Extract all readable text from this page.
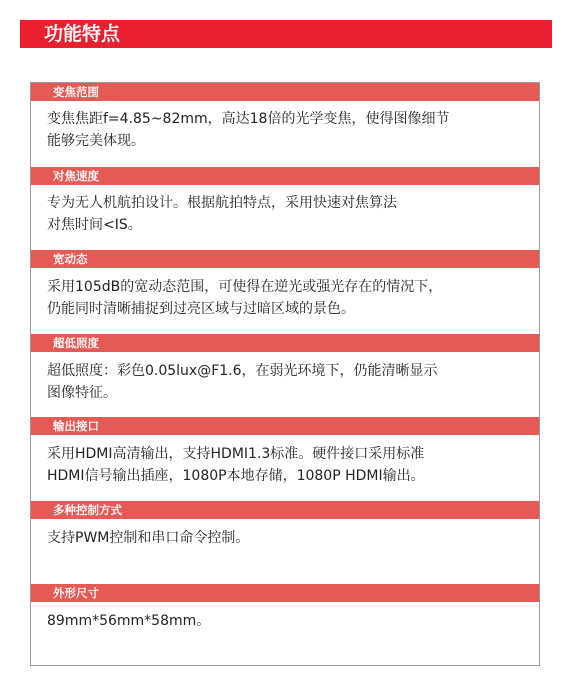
功能特点
变焦范围
变焦焦距f=4.85~82mm，高达18倍的光学变焦，使得图像细节
能够完美体现。
对焦速度
专为无人机航拍设计。根据航拍特点，采用快速对焦算法
对焦时间<IS。
宽动态
采用105dB的宽动态范围，可使得在逆光或强光存在的情况下，
仍能同时清晰捕捉到过亮区域与过暗区域的景色。
超低照度
超低照度：彩色0.05lux@F1.6，在弱光环境下，仍能清晰显示
图像特征。
输出接口
采用HDMI高清输出，支持HDMI1.3标准。硬件接口采用标准
HDMI信号输出插座，1080P本地存储，1080P HDMI输出。
多种控制方式
支持PWM控制和串口命令控制。
外形尺寸
89mm*56mm*58mm。
